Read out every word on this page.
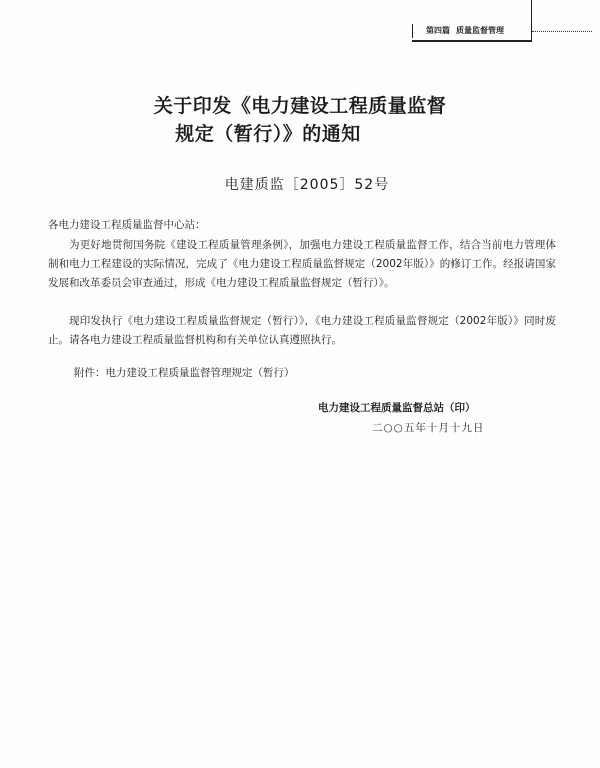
第四篇 质量监督管理
关于印发《电力建设工程质量监督
规定（暂行）》的通知
电建质监［2005］52号
各电力建设工程质量监督中心站：
为更好地贯彻国务院《建设工程质量管理条例》，加强电力建设工程质量监督工作，结合当前电力管理体制和电力工程建设的实际情况，完成了《电力建设工程质量监督规定（2002年版）》的修订工作。经报请国家发展和改革委员会审查通过，形成《电力建设工程质量监督规定（暂行）》。
现印发执行《电力建设工程质量监督规定（暂行）》，《电力建设工程质量监督规定（2002年版）》同时废止。请各电力建设工程质量监督机构和有关单位认真遵照执行。
附件：电力建设工程质量监督管理规定（暂行）
电力建设工程质量监督总站（印）
二○○五年十月十九日
